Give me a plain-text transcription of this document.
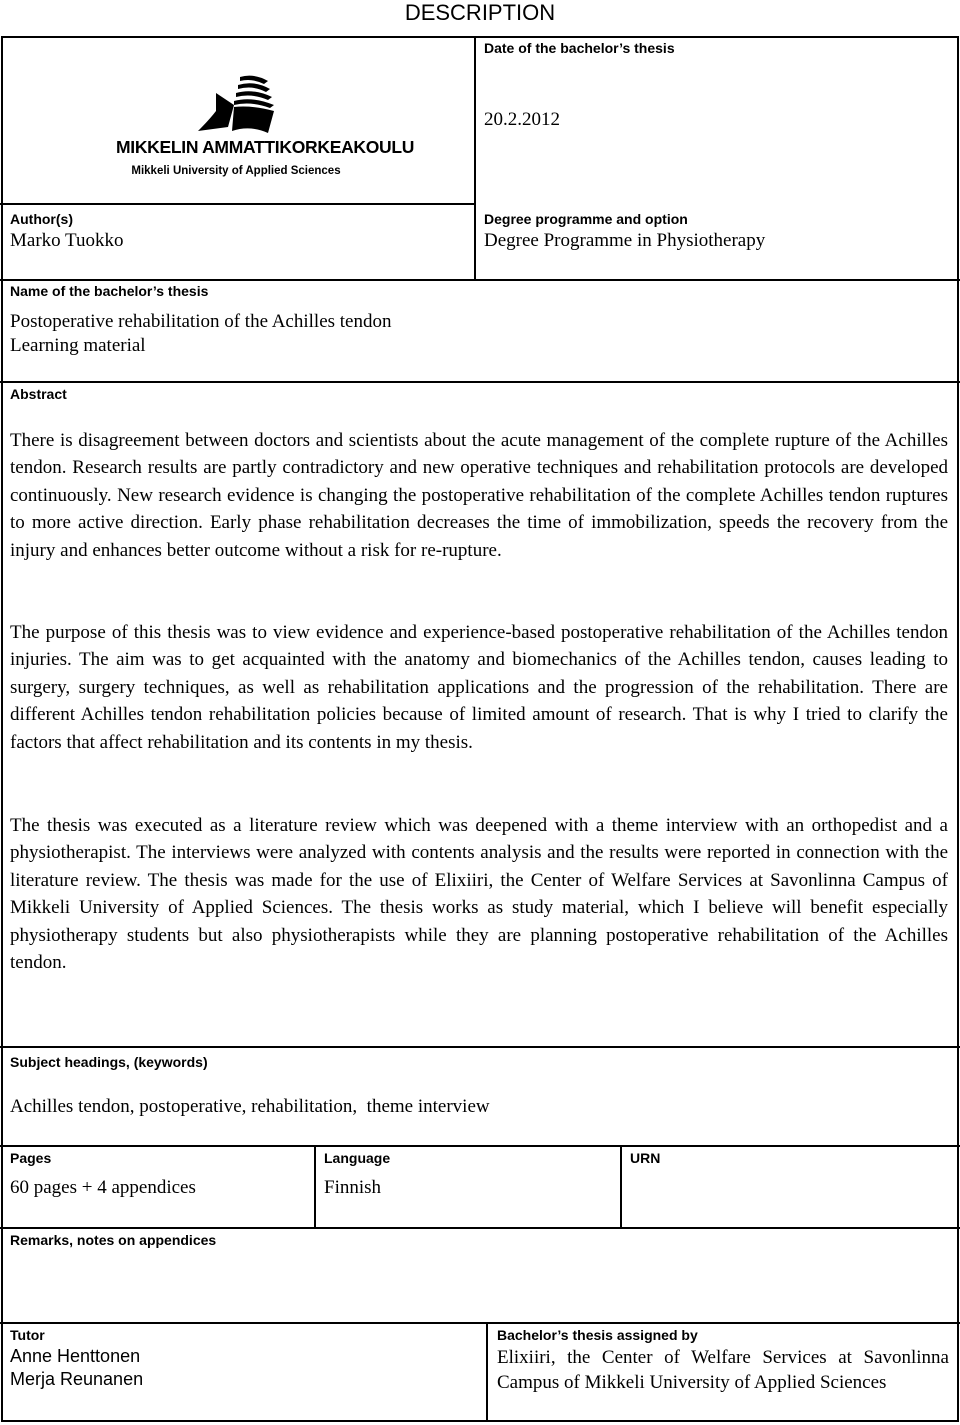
DESCRIPTION
MIKKELIN AMMATTIKORKEAKOULU
Mikkeli University of Applied Sciences
Date of the bachelor’s thesis
20.2.2012
Author(s)
Marko Tuokko
Degree programme and option
Degree Programme in Physiotherapy
Name of the bachelor’s thesis
Postoperative rehabilitation of the Achilles tendon
Learning material
Abstract

There is disagreement between doctors and scientists about the acute management of the complete rupture of the Achilles tendon. Research results are partly contradictory and new operative techniques and rehabilitation protocols are developed continuously. New research evidence is changing the postoperative rehabilitation of the complete Achilles tendon ruptures to more active direction. Early phase rehabilitation decreases the time of immobilization, speeds the recovery from the injury and enhances better outcome without a risk for re-rupture.

The purpose of this thesis was to view evidence and experience-based postoperative rehabilitation of the Achilles tendon injuries. The aim was to get acquainted with the anatomy and biomechanics of the Achilles tendon, causes leading to surgery, surgery techniques, as well as rehabilitation applications and the progression of the rehabilitation. There are different Achilles tendon rehabilitation policies because of limited amount of research. That is why I tried to clarify the factors that affect rehabilitation and its contents in my thesis.

The thesis was executed as a literature review which was deepened with a theme interview with an orthopedist and a physiotherapist. The interviews were analyzed with contents analysis and the results were reported in connection with the literature review. The thesis was made for the use of Elixiiri, the Center of Welfare Services at Savonlinna Campus of Mikkeli University of Applied Sciences. The thesis works as study material, which I believe will benefit especially physiotherapy students but also physiotherapists while they are planning postoperative rehabilitation of the Achilles tendon.

Subject headings, (keywords)
Achilles tendon, postoperative, rehabilitation,  theme interview
Pages
60 pages + 4 appendices
Language
Finnish
URN
Remarks, notes on appendices
Tutor
Anne Henttonen
Merja Reunanen
Bachelor’s thesis assigned by
Elixiiri, the Center of Welfare Services at Savonlinna Campus of Mikkeli University of Applied Sciences
